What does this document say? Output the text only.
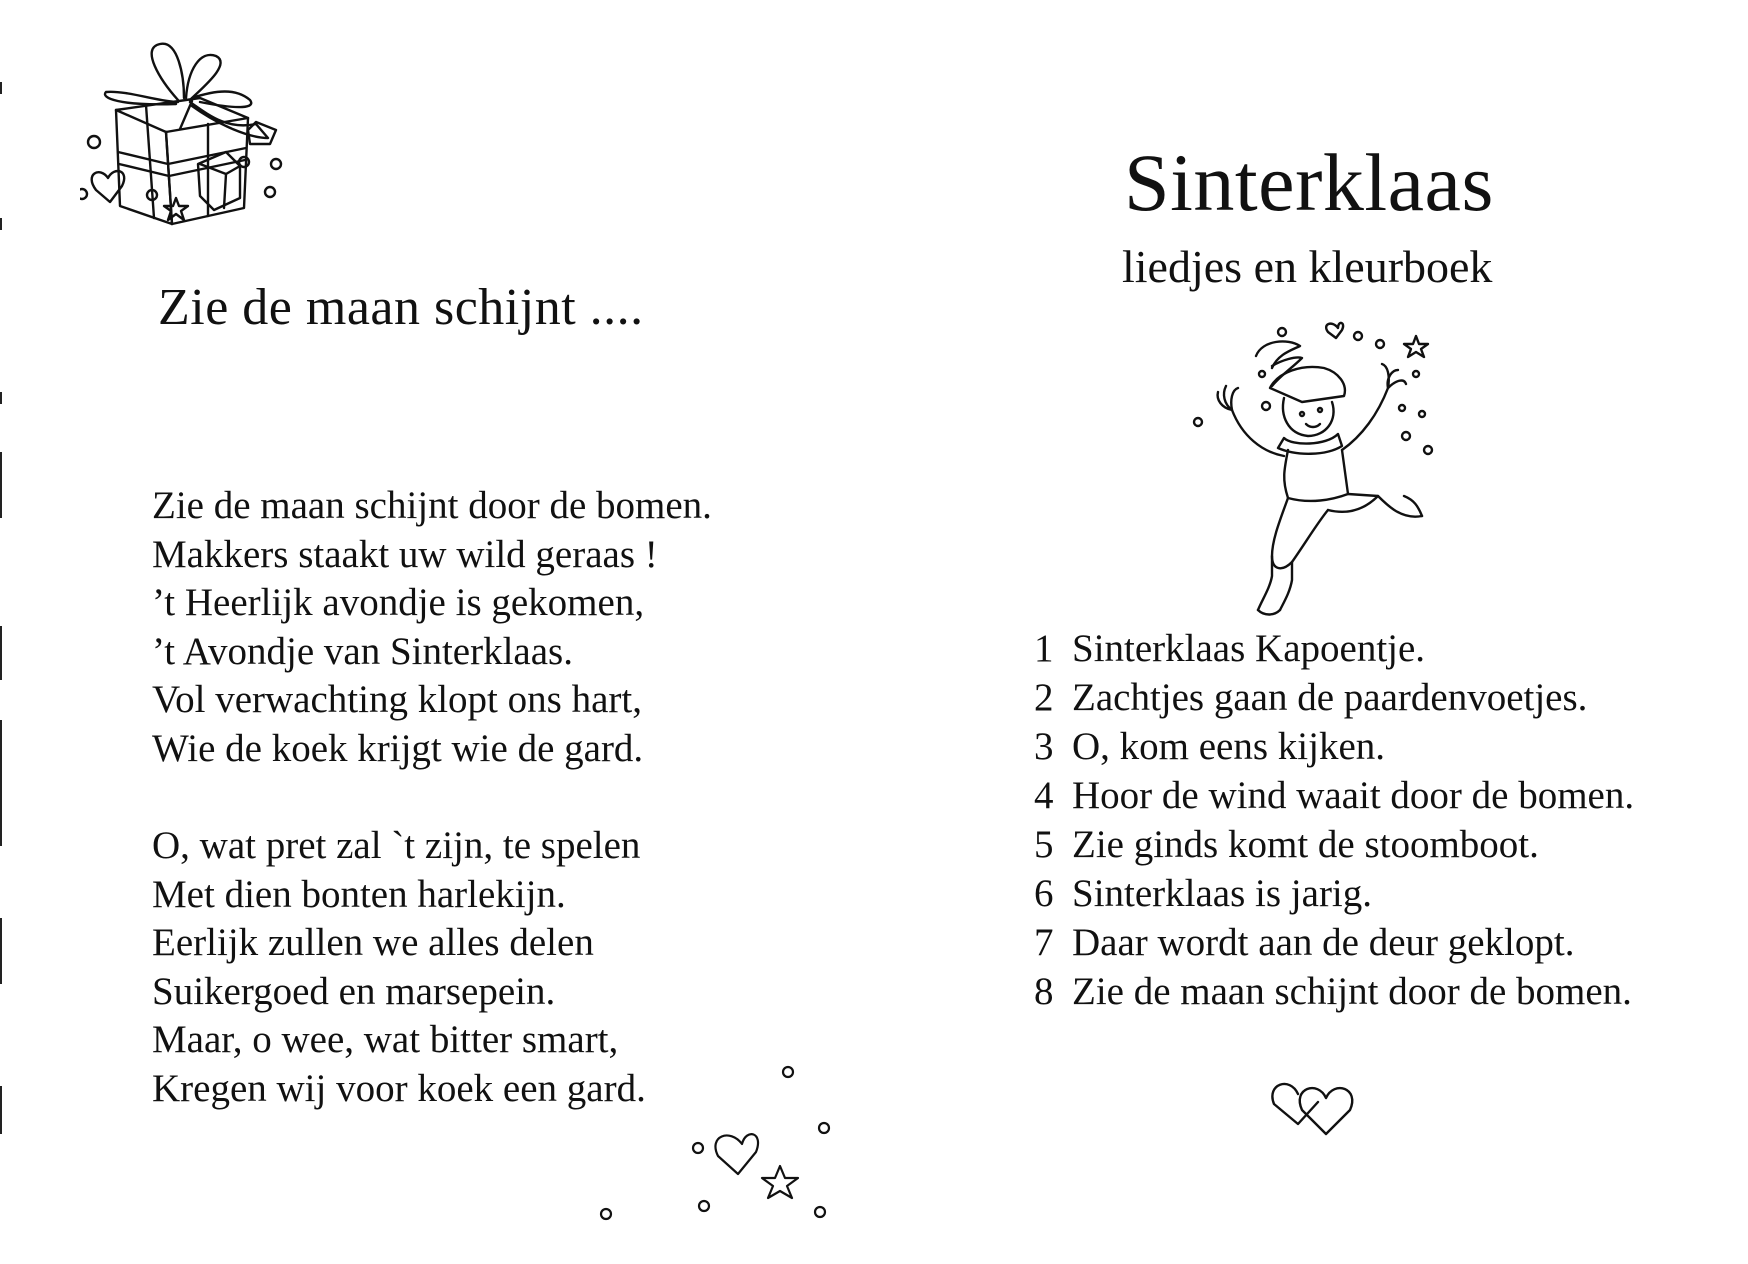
Zie de maan schijnt ....
Zie de maan schijnt door de bomen.
Makkers staakt uw wild geraas !
’t Heerlijk avondje is gekomen,
’t Avondje van Sinterklaas.
Vol verwachting klopt ons hart,
Wie de koek krijgt wie de gard.
O, wat pret zal `t zijn, te spelen
Met dien bonten harlekijn.
Eerlijk zullen we alles delen
Suikergoed en marsepein.
Maar, o wee, wat bitter smart,
Kregen wij voor koek een gard.
Sinterklaas
liedjes en kleurboek
1 Sinterklaas Kapoentje.
2 Zachtjes gaan de paardenvoetjes.
3 O, kom eens kijken.
4 Hoor de wind waait door de bomen.
5 Zie ginds komt de stoomboot.
6 Sinterklaas is jarig.
7 Daar wordt aan de deur geklopt.
8 Zie de maan schijnt door de bomen.
